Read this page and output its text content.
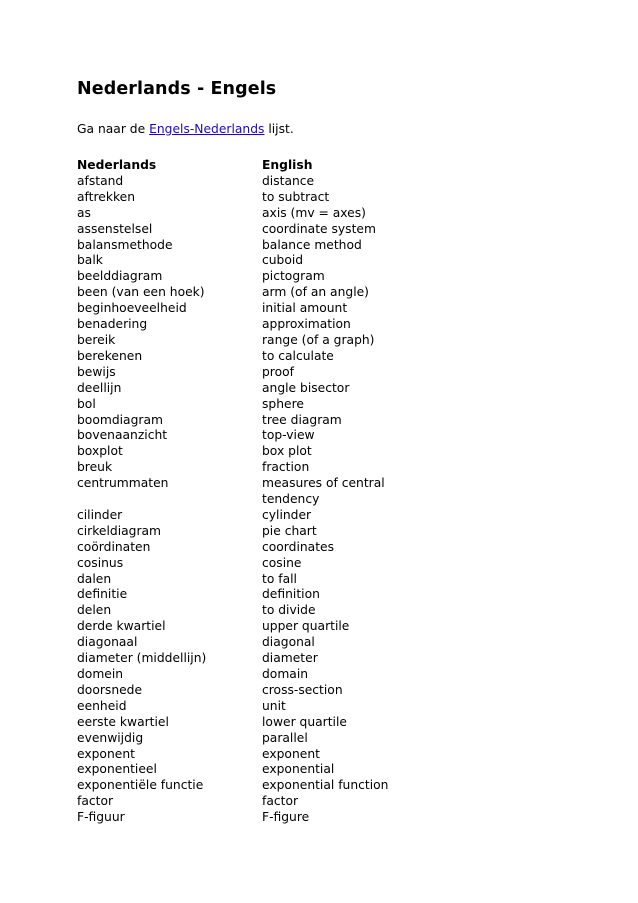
Nederlands - Engels
Ga naar de Engels-Nederlands lijst.
Nederlands	English
afstand	distance
aftrekken	to subtract
as	axis (mv = axes)
assenstelsel	coordinate system
balansmethode	balance method
balk	cuboid
beelddiagram	pictogram
been (van een hoek)	arm (of an angle)
beginhoeveelheid	initial amount
benadering	approximation
bereik	range (of a graph)
berekenen	to calculate
bewijs	proof
deellijn	angle bisector
bol	sphere
boomdiagram	tree diagram
bovenaanzicht	top-view
boxplot	box plot
breuk	fraction
centrummaten	measures of central tendency
cilinder	cylinder
cirkeldiagram	pie chart
coördinaten	coordinates
cosinus	cosine
dalen	to fall
definitie	definition
delen	to divide
derde kwartiel	upper quartile
diagonaal	diagonal
diameter (middellijn)	diameter
domein	domain
doorsnede	cross-section
eenheid	unit
eerste kwartiel	lower quartile
evenwijdig	parallel
exponent	exponent
exponentieel	exponential
exponentiële functie	exponential function
factor	factor
F-figuur	F-figure
